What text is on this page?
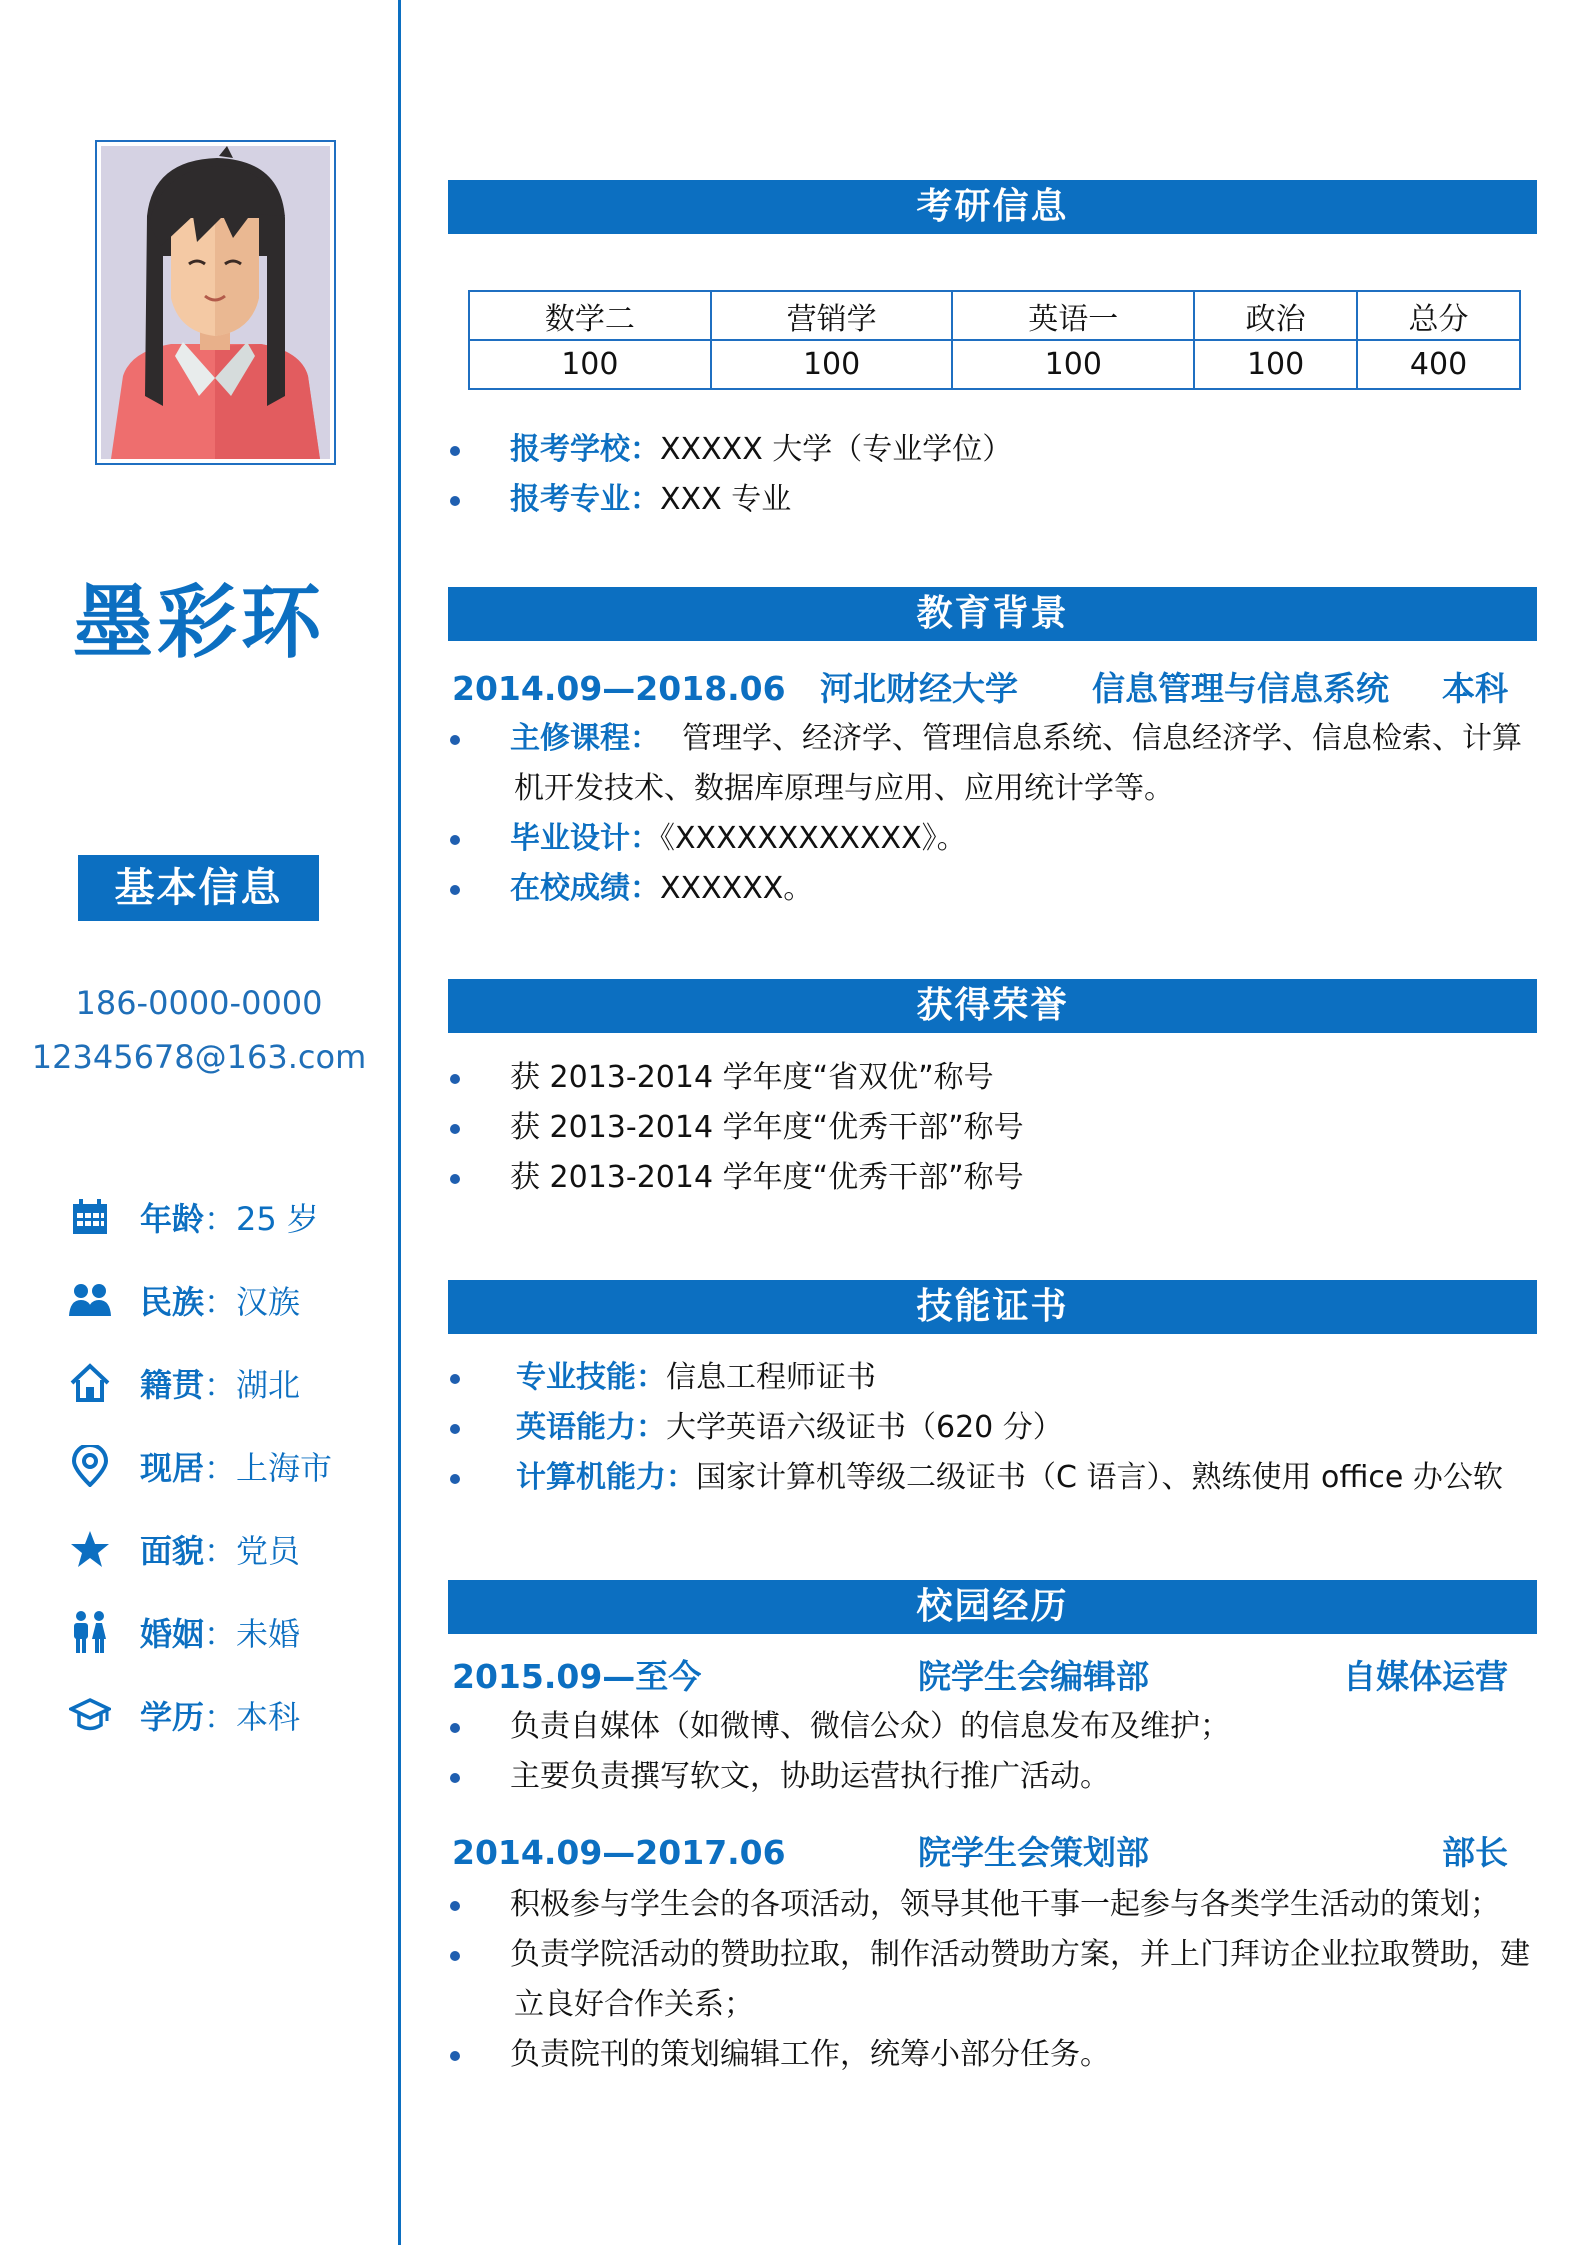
墨彩环
基本信息
186-0000-0000
12345678@163.com
年龄 ： 25 岁
民族 ： 汉族
籍贯 ： 湖北
现居 ： 上海市
面貌 ： 党员
婚姻 ： 未婚
学历 ： 本科
考研信息
数学二	营销学	英语一	政治	总分
100	100	100	100	400
报考学校：XXXXX 大学（专业学位）
报考专业：XXX 专业
教育背景
2014.09—2018.06 河北财经大学 信息管理与信息系统 本科
主修课程： 管理学、经济学、管理信息系统、信息经济学、信息检索、计算
机开发技术、数据库原理与应用、应用统计学等。
毕业设计：《XXXXXXXXXXXX》。
在校成绩：XXXXXX。
获得荣誉
获 2013-2014 学年度“省双优”称号
获 2013-2014 学年度“优秀干部”称号
获 2013-2014 学年度“优秀干部”称号
技能证书
专业技能：信息工程师证书
英语能力：大学英语六级证书（620 分）
计算机能力：国家计算机等级二级证书（C 语言）、熟练使用 office 办公软
校园经历
2015.09—至今	院学生会编辑部	自媒体运营
负责自媒体（如微博、微信公众）的信息发布及维护；
主要负责撰写软文，协助运营执行推广活动。
2014.09—2017.06	院学生会策划部	部长
积极参与学生会的各项活动，领导其他干事一起参与各类学生活动的策划；
负责学院活动的赞助拉取，制作活动赞助方案，并上门拜访企业拉取赞助，建
立良好合作关系；
负责院刊的策划编辑工作，统筹小部分任务。
